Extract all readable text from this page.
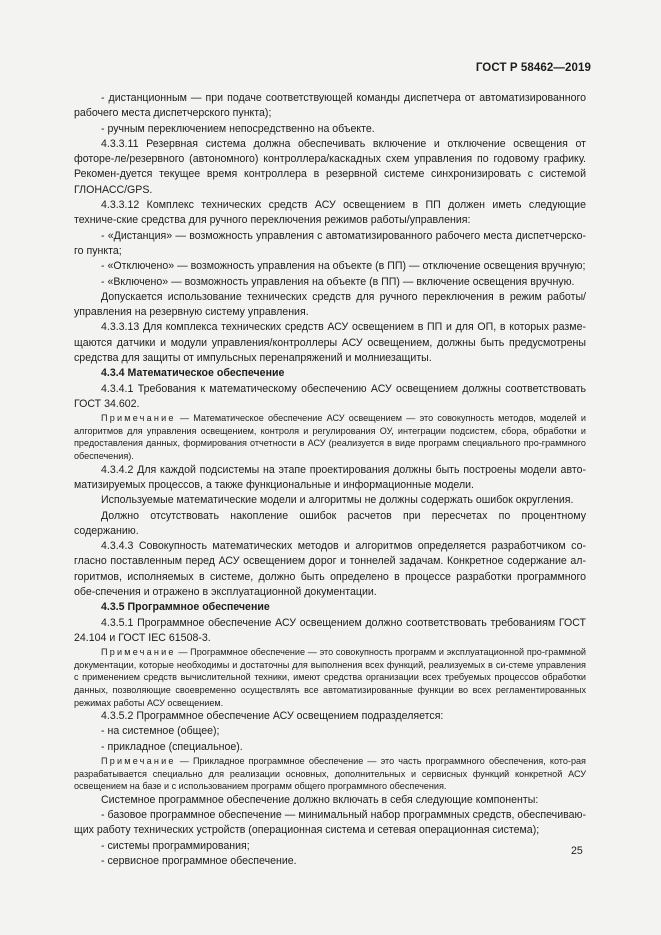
ГОСТ Р 58462—2019

- дистанционным — при подаче соответствующей команды диспетчера от автоматизированного рабочего места диспетчерского пункта);

- ручным переключением непосредственно на объекте.

4.3.3.11 Резервная система должна обеспечивать включение и отключение освещения от фоторе-ле/резервного (автономного) контроллера/каскадных схем управления по годовому графику. Рекомен-дуется текущее время контроллера в резервной системе синхронизировать с системой ГЛОНАСС/GPS.

4.3.3.12 Комплекс технических средств АСУ освещением в ПП должен иметь следующие техниче-ские средства для ручного переключения режимов работы/управления:

- «Дистанция» — возможность управления с автоматизированного рабочего места диспетчерско-го пункта;

- «Отключено» — возможность управления на объекте (в ПП) — отключение освещения вручную;

- «Включено» — возможность управления на объекте (в ПП) — включение освещения вручную.

Допускается использование технических средств для ручного переключения в режим работы/управления на резервную систему управления.

4.3.3.13 Для комплекса технических средств АСУ освещением в ПП и для ОП, в которых разме-щаются датчики и модули управления/контроллеры АСУ освещением, должны быть предусмотрены средства для защиты от импульсных перенапряжений и молниезащиты.

4.3.4 Математическое обеспечение

4.3.4.1 Требования к математическому обеспечению АСУ освещением должны соответствовать ГОСТ 34.602.

Примечание — Математическое обеспечение АСУ освещением — это совокупность методов, моделей и алгоритмов для управления освещением, контроля и регулирования ОУ, интеграции подсистем, сбора, обработки и предоставления данных, формирования отчетности в АСУ (реализуется в виде программ специального про-граммного обеспечения).

4.3.4.2 Для каждой подсистемы на этапе проектирования должны быть построены модели авто-матизируемых процессов, а также функциональные и информационные модели.

Используемые математические модели и алгоритмы не должны содержать ошибок округления.

Должно отсутствовать накопление ошибок расчетов при пересчетах по процентному содержанию.

4.3.4.3 Совокупность математических методов и алгоритмов определяется разработчиком со-гласно поставленным перед АСУ освещением дорог и тоннелей задачам. Конкретное содержание ал-горитмов, исполняемых в системе, должно быть определено в процессе разработки программного обе-спечения и отражено в эксплуатационной документации.

4.3.5 Программное обеспечение

4.3.5.1 Программное обеспечение АСУ освещением должно соответствовать требованиям ГОСТ 24.104 и ГОСТ IEC 61508-3.

Примечание — Программное обеспечение — это совокупность программ и эксплуатационной про-граммной документации, которые необходимы и достаточны для выполнения всех функций, реализуемых в си-стеме управления с применением средств вычислительной техники, имеют средства организации всех требуемых процессов обработки данных, позволяющие своевременно осуществлять все автоматизированные функции во всех регламентированных режимах работы АСУ освещением.

4.3.5.2 Программное обеспечение АСУ освещением подразделяется:

- на системное (общее);

- прикладное (специальное).

Примечание — Прикладное программное обеспечение — это часть программного обеспечения, кото-рая разрабатывается специально для реализации основных, дополнительных и сервисных функций конкретной АСУ освещением на базе и с использованием программ общего программного обеспечения.

Системное программное обеспечение должно включать в себя следующие компоненты:

- базовое программное обеспечение — минимальный набор программных средств, обеспечиваю-щих работу технических устройств (операционная система и сетевая операционная система);

- системы программирования;

- сервисное программное обеспечение.

25
